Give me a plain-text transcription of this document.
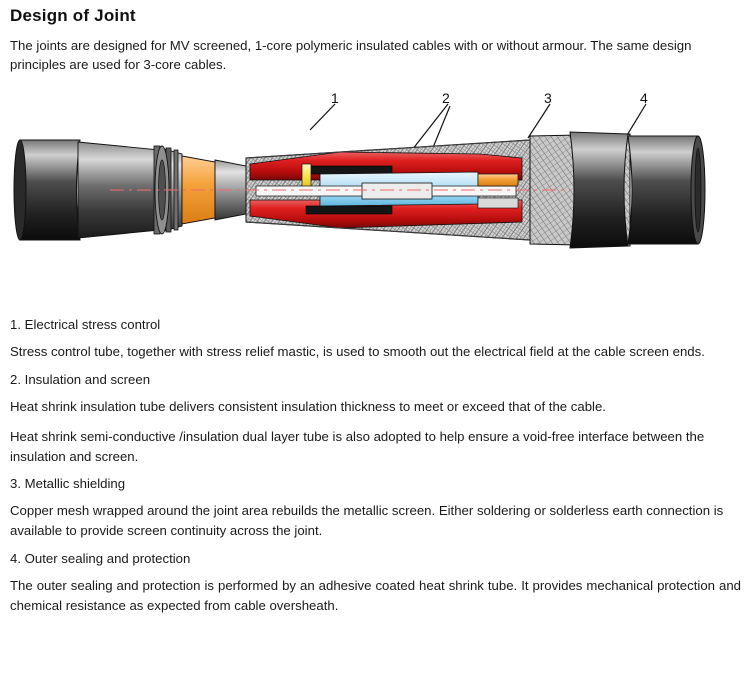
Design of Joint

The joints are designed for MV screened, 1-core polymeric insulated cables with or without armour. The same design principles are used for 3-core cables.

1	2	3	4

1. Electrical stress control

Stress control tube, together with stress relief mastic, is used to smooth out the electrical field at the cable screen ends.

2. Insulation and screen

Heat shrink insulation tube delivers consistent insulation thickness to meet or exceed that of the cable.

Heat shrink semi-conductive /insulation dual layer tube is also adopted to help ensure a void-free interface between the insulation and screen.

3. Metallic shielding

Copper mesh wrapped around the joint area rebuilds the metallic screen. Either soldering or solderless earth connection is available to provide screen continuity across the joint.

4. Outer sealing and protection

The outer sealing and protection is performed by an adhesive coated heat shrink tube. It provides mechanical protection and chemical resistance as expected from cable oversheath.
